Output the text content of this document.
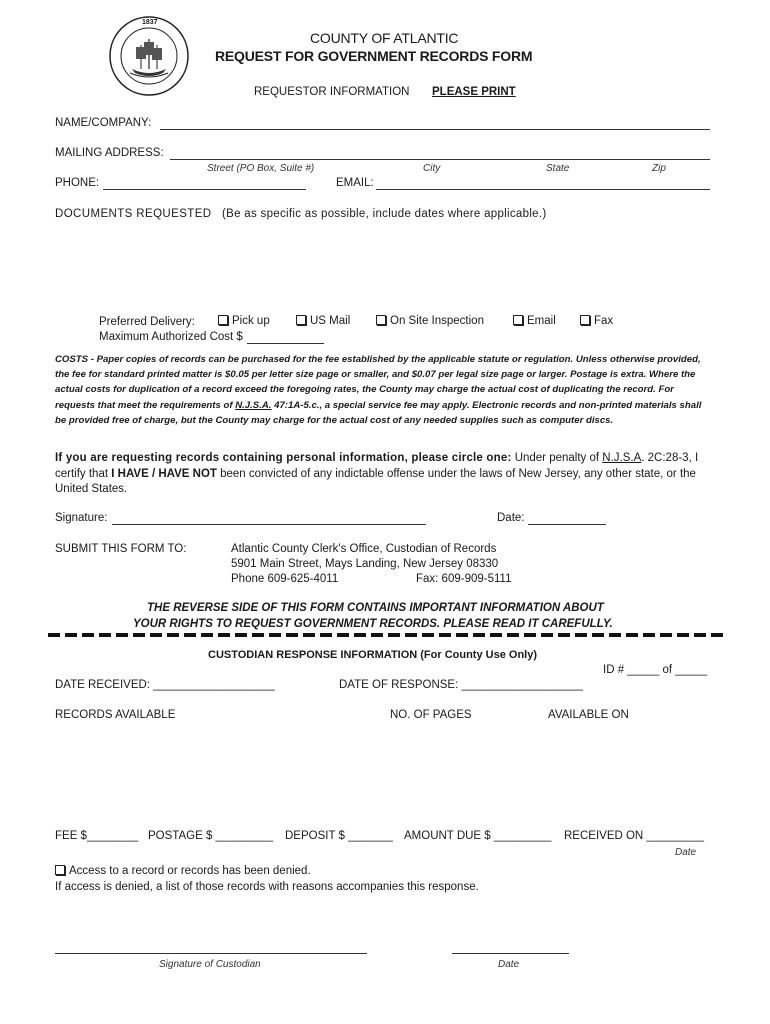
1837
COUNTY OF ATLANTIC
REQUEST FOR GOVERNMENT RECORDS FORM
REQUESTOR INFORMATION PLEASE PRINT
NAME/COMPANY:
MAILING ADDRESS:
Street (PO Box, Suite #)	City	State	Zip
PHONE:	EMAIL:
DOCUMENTS REQUESTED (Be as specific as possible, include dates where applicable.)
Preferred Delivery:	Pick up	US Mail	On Site Inspection	Email	Fax
Maximum Authorized Cost $
COSTS - Paper copies of records can be purchased for the fee established by the applicable statute or regulation. Unless otherwise provided, the fee for standard printed matter is $0.05 per letter size page or smaller, and $0.07 per legal size page or larger. Postage is extra. Where the actual costs for duplication of a record exceed the foregoing rates, the County may charge the actual cost of duplicating the record. For requests that meet the requirements of N.J.S.A. 47:1A-5.c., a special service fee may apply. Electronic records and non-printed materials shall be provided free of charge, but the County may charge for the actual cost of any needed supplies such as computer discs.
If you are requesting records containing personal information, please circle one: Under penalty of N.J.S.A. 2C:28-3, I certify that I HAVE / HAVE NOT been convicted of any indictable offense under the laws of New Jersey, any other state, or the United States.
Signature:	Date:
SUBMIT THIS FORM TO:	Atlantic County Clerk's Office, Custodian of Records
5901 Main Street, Mays Landing, New Jersey 08330
Phone 609-625-4011	Fax: 609-909-5111
THE REVERSE SIDE OF THIS FORM CONTAINS IMPORTANT INFORMATION ABOUT
YOUR RIGHTS TO REQUEST GOVERNMENT RECORDS. PLEASE READ IT CAREFULLY.
CUSTODIAN RESPONSE INFORMATION (For County Use Only)
ID # _____ of _____
DATE RECEIVED: ___________________	DATE OF RESPONSE: ___________________
RECORDS AVAILABLE	NO. OF PAGES	AVAILABLE ON
FEE $________ POSTAGE $ _________ DEPOSIT $ _______ AMOUNT DUE $ _________ RECEIVED ON _________
Date
Access to a record or records has been denied.
If access is denied, a list of those records with reasons accompanies this response.
Signature of Custodian	Date
